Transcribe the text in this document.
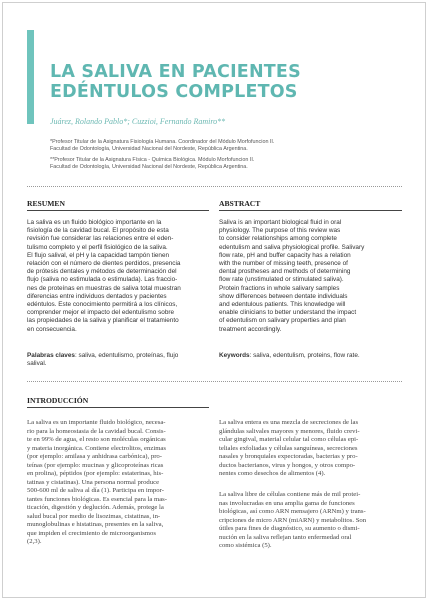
LA SALIVA EN PACIENTES
EDÉNTULOS COMPLETOS
Juárez, Rolando Pablo*; Cuzzioi, Fernando Ramiro**
*Profesor Titular de la Asignatura Fisiología Humana. Coordinador del Módulo Morfofuncion II.
Facultad de Odontología, Universidad Nacional del Nordeste, República Argentina.
**Profesor Titular de la Asignatura Física - Química Biológica. Módulo Morfofuncion II.
Facultad de Odontología, Universidad Nacional del Nordeste, República Argentina.
RESUMEN
La saliva es un fluido biológico importante en la
fisiología de la cavidad bucal. El propósito de esta
revisión fue considerar las relaciones entre el eden-
tulismo completo y el perfil fisiológico de la saliva.
El flujo salival, el pH y la capacidad tampón tienen
relación con el número de dientes perdidos, presencia
de prótesis dentales y métodos de determinación del
flujo (saliva no estimulada o estimulada). Las fraccio-
nes de proteínas en muestras de saliva total muestran
diferencias entre individuos dentados y pacientes
edéntulos. Este conocimiento permitirá a los clínicos,
comprender mejor el impacto del edentulismo sobre
las propiedades de la saliva y planificar el tratamiento
en consecuencia.
Palabras claves: saliva, edentulismo, proteínas, flujo
salival.
ABSTRACT
Saliva is an important biological fluid in oral
physiology. The purpose of this review was
to consider relationships among complete
edentulism and saliva physiological profile. Salivary
flow rate, pH and buffer capacity has a relation
with the number of missing teeth, presence of
dental prostheses and methods of determining
flow rate (unstimulated or stimulated saliva).
Protein fractions in whole salivary samples
show differences between dentate individuals
and edentulous patients. This knowledge will
enable clinicians to better understand the impact
of edentulism on salivary properties and plan
treatment accordingly.
Keywords: saliva, edentulism, proteins, flow rate.
INTRODUCCIÓN
La saliva es un importante fluido biológico, necesa-
rio para la homeostasia de la cavidad bucal. Consis-
te en 99% de agua, el resto son moléculas orgánicas
y materia inorgánica. Contiene electrolitos, enzimas
(por ejemplo: amilasa y anhidrasa carbónica), pro-
teínas (por ejemplo: mucinas y glicoproteínas ricas
en prolina), péptidos (por ejemplo: estaterinas, his-
tatinas y cistatinas). Una persona normal produce
500-600 ml de saliva al día (1). Participa en impor-
tantes funciones biológicas. Es esencial para la mas-
ticación, digestión y deglución. Además, protege la
salud bucal por medio de lisozimas, cistatinas, in-
munoglobulinas e histatinas, presentes en la saliva,
que impiden el crecimiento de microorganismos
(2,3).
La saliva entera es una mezcla de secreciones de las
glándulas salivales mayores y menores, fluido crevi-
cular gingival, material celular tal como células epi-
teliales exfoliadas y células sanguíneas, secreciones
nasales y bronquiales expectoradas, bacterias y pro-
ductos bacterianos, virus y hongos, y otros compo-
nentes como desechos de alimentos (4).
La saliva libre de células contiene más de mil protei-
nas involucradas en una amplia gama de funciones
biológicas, así como ARN mensajero (ARNm) y trans-
cripciones de micro ARN (miARN) y metabolitos. Son
útiles para fines de diagnóstico, su aumento o dismi-
nución en la saliva reflejan tanto enfermedad oral
como sistémica (5).
